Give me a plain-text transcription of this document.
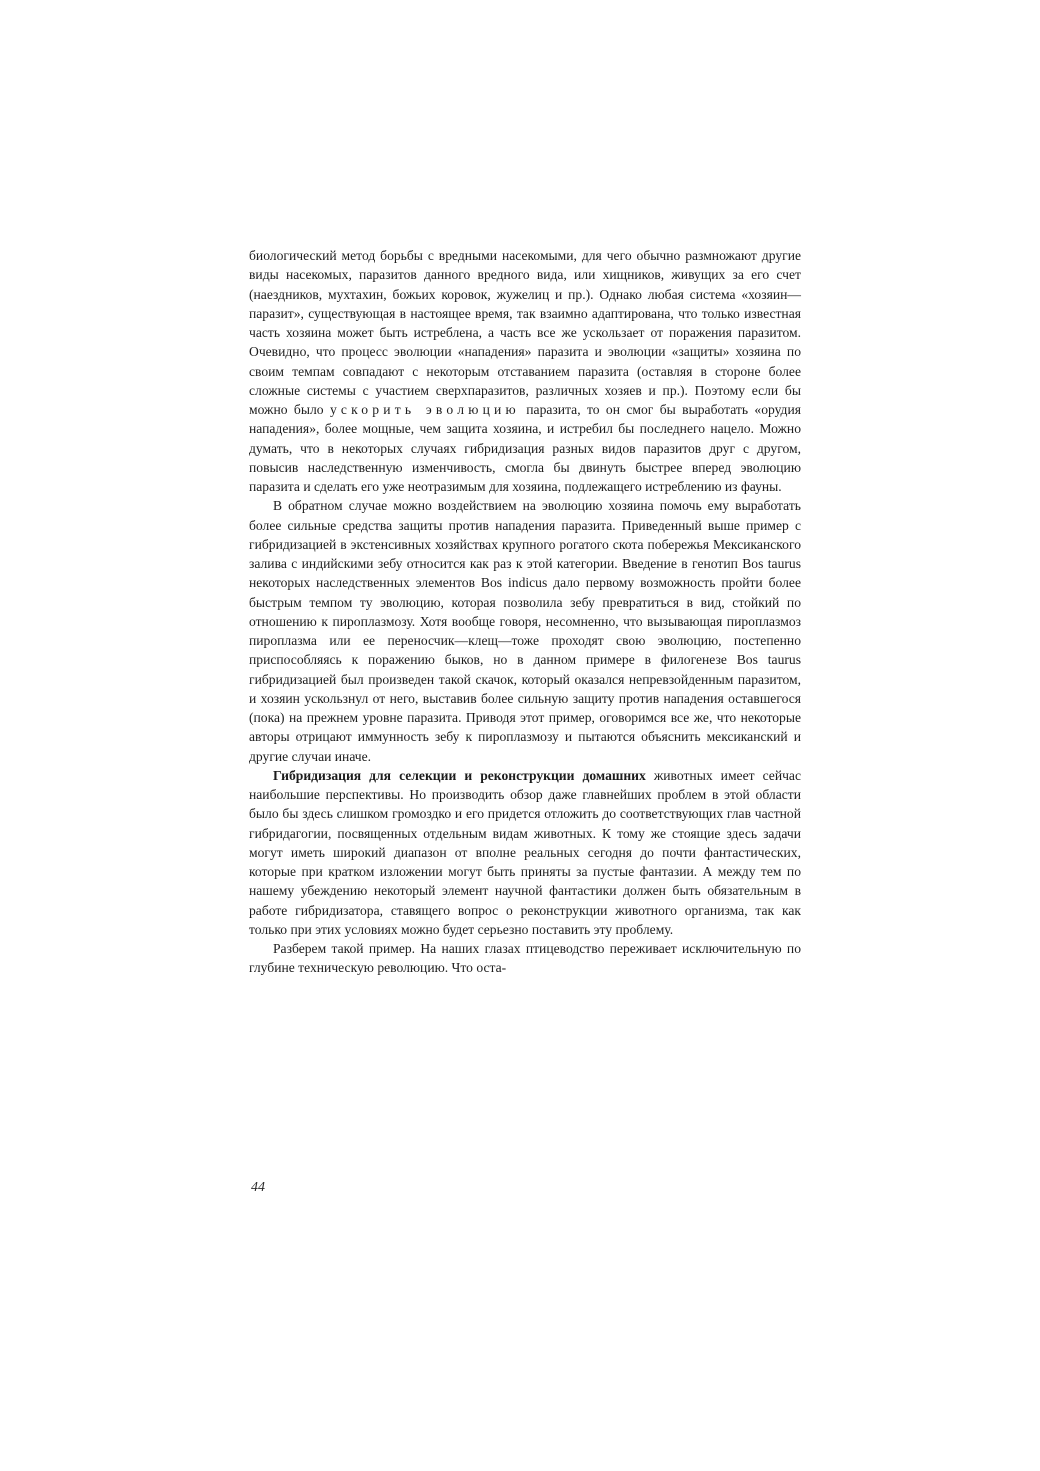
биологический метод борьбы с вредными насекомыми, для чего обычно размножают другие виды насекомых, паразитов данного вредного вида, или хищников, живущих за его счет (наездников, мухтахин, божьих коровок, жужелиц и пр.). Однако любая система «хозяин—паразит», существующая в настоящее время, так взаимно адаптирована, что только известная часть хозяина может быть истреблена, а часть все же ускользает от поражения паразитом. Очевидно, что процесс эволюции «нападения» паразита и эволюции «защиты» хозяина по своим темпам совпадают с некоторым отставанием паразита (оставляя в стороне более сложные системы с участием сверхпаразитов, различных хозяев и пр.). Поэтому если бы можно было ускорить эволюцию паразита, то он смог бы выработать «орудия нападения», более мощные, чем защита хозяина, и истребил бы последнего нацело. Можно думать, что в некоторых случаях гибридизация разных видов паразитов друг с другом, повысив наследственную изменчивость, смогла бы двинуть быстрее вперед эволюцию паразита и сделать его уже неотразимым для хозяина, подлежащего истреблению из фауны.

В обратном случае можно воздействием на эволюцию хозяина помочь ему выработать более сильные средства защиты против нападения паразита. Приведенный выше пример с гибридизацией в экстенсивных хозяйствах крупного рогатого скота побережья Мексиканского залива с индийскими зебу относится как раз к этой категории. Введение в генотип Bos taurus некоторых наследственных элементов Bos indicus дало первому возможность пройти более быстрым темпом ту эволюцию, которая позволила зебу превратиться в вид, стойкий по отношению к пироплазмозу. Хотя вообще говоря, несомненно, что вызывающая пироплазмоз пироплазма или ее переносчик—клещ—тоже проходят свою эволюцию, постепенно приспособляясь к поражению быков, но в данном примере в филогенезе Bos taurus гибридизацией был произведен такой скачок, который оказался непревзойденным паразитом, и хозяин ускользнул от него, выставив более сильную защиту против нападения оставшегося (пока) на прежнем уровне паразита. Приводя этот пример, оговоримся все же, что некоторые авторы отрицают иммунность зебу к пироплазмозу и пытаются объяснить мексиканский и другие случаи иначе.

Гибридизация для селекции и реконструкции домашних животных имеет сейчас наибольшие перспективы. Но производить обзор даже главнейших проблем в этой области было бы здесь слишком громоздко и его придется отложить до соответствующих глав частной гибридагогии, посвященных отдельным видам животных. К тому же стоящие здесь задачи могут иметь широкий диапазон от вполне реальных сегодня до почти фантастических, которые при кратком изложении могут быть приняты за пустые фантазии. А между тем по нашему убеждению некоторый элемент научной фантастики должен быть обязательным в работе гибридизатора, ставящего вопрос о реконструкции животного организма, так как только при этих условиях можно будет серьезно поставить эту проблему.

Разберем такой пример. На наших глазах птицеводство переживает исключительную по глубине техническую революцию. Что оста-

44
